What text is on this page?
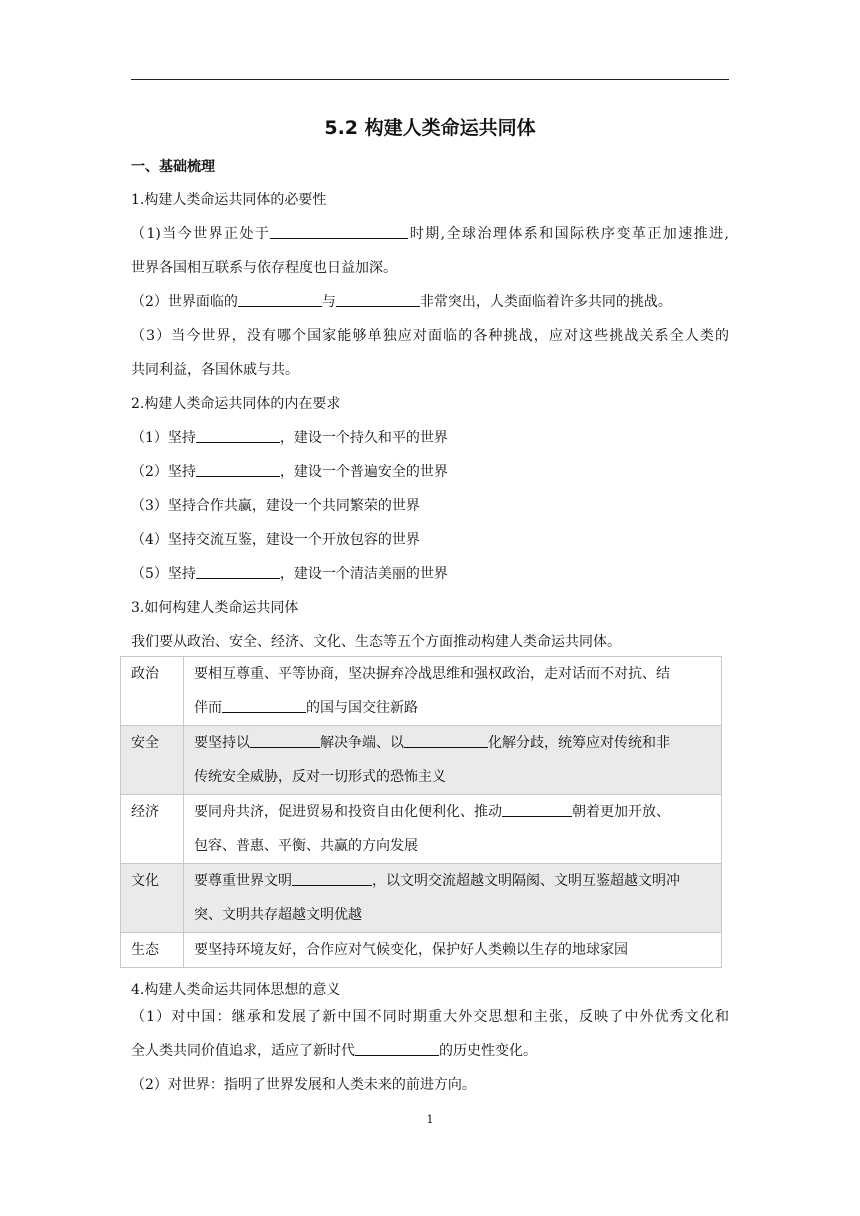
5.2 构建人类命运共同体
一、基础梳理
1.构建人类命运共同体的必要性
（1)当今世界正处于	时期,全球治理体系和国际秩序变革正加速推进,
世界各国相互联系与依存程度也日益加深。
（2）世界面临的	与	非常突出，人类面临着许多共同的挑战。
（3）当今世界，没有哪个国家能够单独应对面临的各种挑战，应对这些挑战关系全人类的
共同利益，各国休戚与共。
2.构建人类命运共同体的内在要求
（1）坚持	，建设一个持久和平的世界
（2）坚持	，建设一个普遍安全的世界
（3）坚持合作共赢，建设一个共同繁荣的世界
（4）坚持交流互鉴，建设一个开放包容的世界
（5）坚持	，建设一个清洁美丽的世界
3.如何构建人类命运共同体
我们要从政治、安全、经济、文化、生态等五个方面推动构建人类命运共同体。
政治	要相互尊重、平等协商，坚决摒弃冷战思维和强权政治，走对话而不对抗、结
伴而 的国与国交往新路
安全	要坚持以 解决争端、以 化解分歧，统筹应对传统和非
传统安全威胁，反对一切形式的恐怖主义
经济	要同舟共济，促进贸易和投资自由化便利化、推动 朝着更加开放、
包容、普惠、平衡、共赢的方向发展
文化	要尊重世界文明 ，以文明交流超越文明隔阂、文明互鉴超越文明冲
突、文明共存超越文明优越
生态	要坚持环境友好，合作应对气候变化，保护好人类赖以生存的地球家园
4.构建人类命运共同体思想的意义
（1）对中国：继承和发展了新中国不同时期重大外交思想和主张，反映了中外优秀文化和
全人类共同价值追求，适应了新时代	的历史性变化。
（2）对世界：指明了世界发展和人类未来的前进方向。
1
